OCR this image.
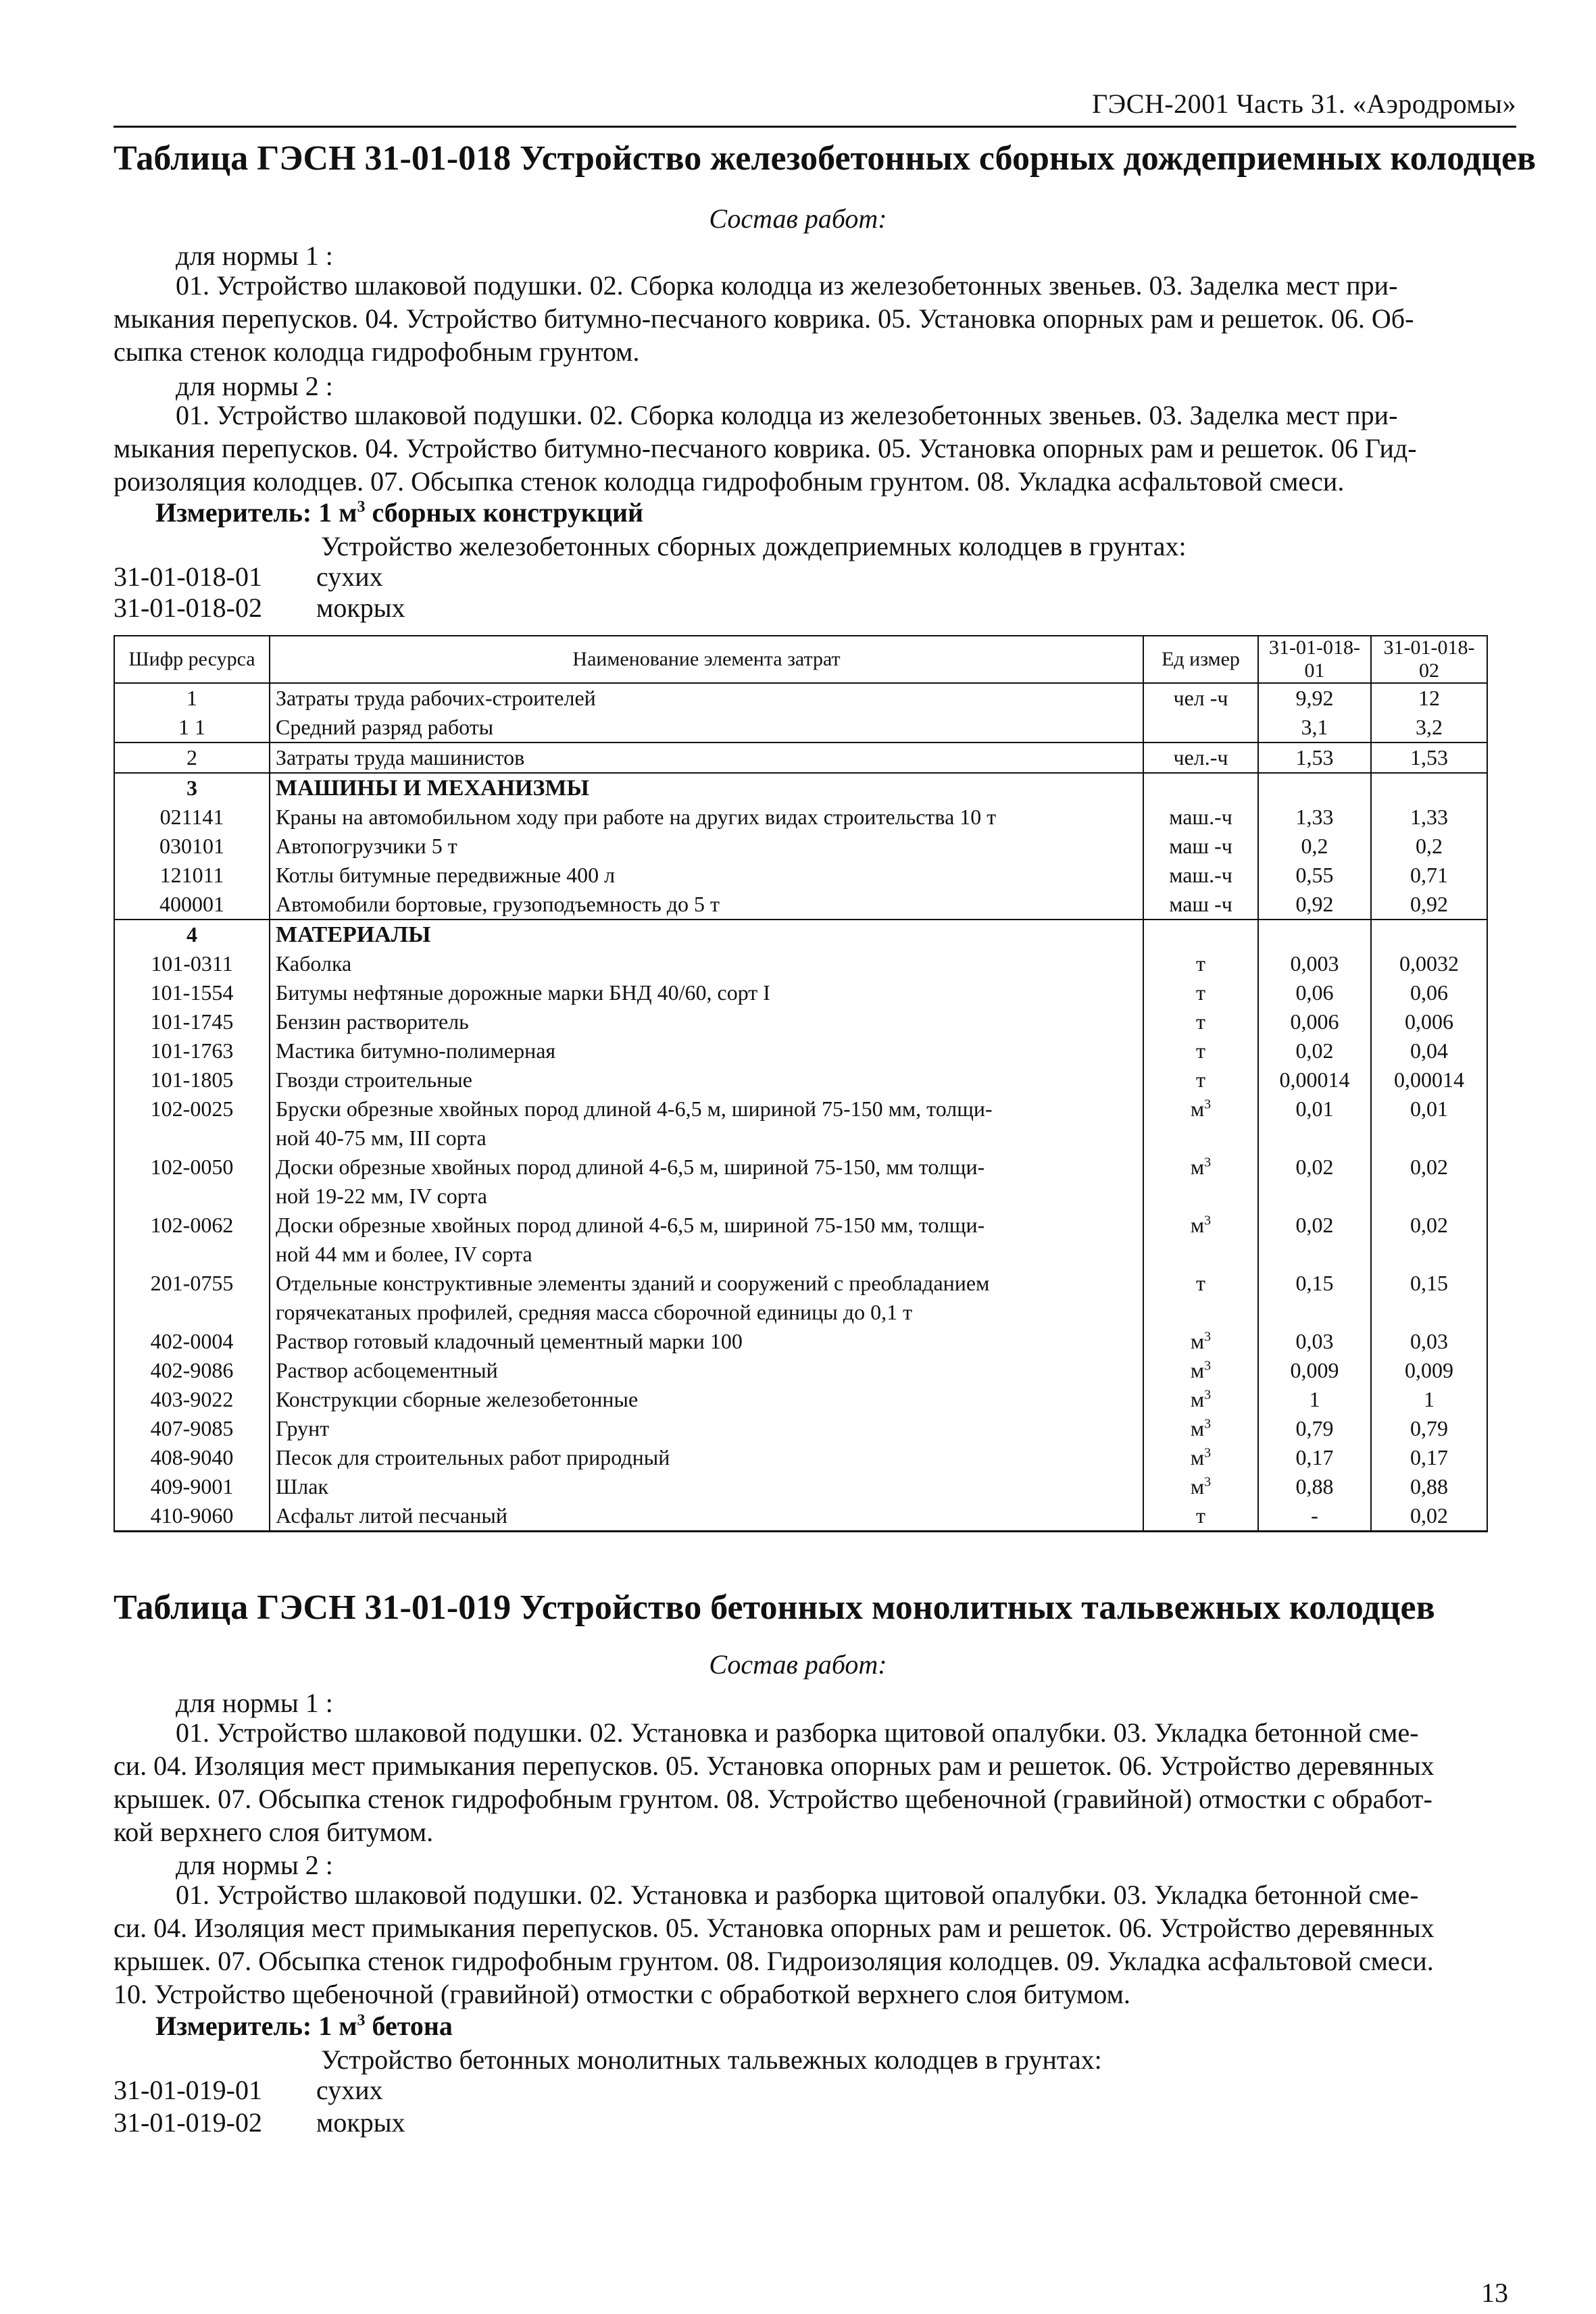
ГЭСН-2001 Часть 31. «Аэродромы»
Таблица ГЭСН 31-01-018 Устройство железобетонных сборных дождеприемных колодцев
Состав работ:
для нормы 1 :
01. Устройство шлаковой подушки. 02. Сборка колодца из железобетонных звеньев. 03. Заделка мест при-
мыкания перепусков. 04. Устройство битумно-песчаного коврика. 05. Установка опорных рам и решеток. 06. Об-
сыпка стенок колодца гидрофобным грунтом.
для нормы 2 :
01. Устройство шлаковой подушки. 02. Сборка колодца из железобетонных звеньев. 03. Заделка мест при-
мыкания перепусков. 04. Устройство битумно-песчаного коврика. 05. Установка опорных рам и решеток. 06 Гид-
роизоляция колодцев. 07. Обсыпка стенок колодца гидрофобным грунтом. 08. Укладка асфальтовой смеси.
Измеритель: 1 $м^3$ сборных конструкций
Устройство железобетонных сборных дождеприемных колодцев в грунтах:
31-01-018-01 сухих
31-01-018-02 мокрых
Шифр ресурса	Наименование элемента затрат	Ед измер	31-01-018-01	31-01-018-02
1	Затраты труда рабочих-строителей	чел -ч	9,92	12
1 1	Средний разряд работы		3,1	3,2
2	Затраты труда машинистов	чел.-ч	1,53	1,53
3	МАШИНЫ И МЕХАНИЗМЫ			

021141	Краны на автомобильном ходу при работе на других видах строительства 10 т	маш.-ч	1,33	1,33
030101	Автопогрузчики 5 т	маш -ч	0,2	0,2
121011	Котлы битумные передвижные 400 л	маш.-ч	0,55	0,71
400001	Автомобили бортовые, грузоподъемность до 5 т	маш -ч	0,92	0,92
4	МАТЕРИАЛЫ			

101-0311	Каболка	т	0,003	0,0032
101-1554	Битумы нефтяные дорожные марки БНД 40/60, сорт I	т	0,06	0,06
101-1745	Бензин растворитель	т	0,006	0,006
101-1763	Мастика битумно-полимерная	т	0,02	0,04
101-1805	Гвозди строительные	т	0,00014	0,00014
102-0025	Бруски обрезные хвойных пород длиной 4-6,5 м, шириной 75-150 мм, толщи-
ной 40-75 мм, III сорта	$м^3$	0,01	0,01
102-0050	Доски обрезные хвойных пород длиной 4-6,5 м, шириной 75-150, мм толщи-
ной 19-22 мм, IV сорта	$м^3$	0,02	0,02
102-0062	Доски обрезные хвойных пород длиной 4-6,5 м, шириной 75-150 мм, толщи-
ной 44 мм и более, IV сорта	$м^3$	0,02	0,02
201-0755	Отдельные конструктивные элементы зданий и сооружений с преобладанием
горячекатаных профилей, средняя масса сборочной единицы до 0,1 т	т	0,15	0,15
402-0004	Раствор готовый кладочный цементный марки 100	$м^3$	0,03	0,03
402-9086	Раствор асбоцементный	$м^3$	0,009	0,009
403-9022	Конструкции сборные железобетонные	$м^3$	1	1
407-9085	Грунт	$м^3$	0,79	0,79
408-9040	Песок для строительных работ природный	$м^3$	0,17	0,17
409-9001	Шлак	$м^3$	0,88	0,88
410-9060	Асфальт литой песчаный	т	-	0,02
Таблица ГЭСН 31-01-019 Устройство бетонных монолитных тальвежных колодцев
Состав работ:
для нормы 1 :
01. Устройство шлаковой подушки. 02. Установка и разборка щитовой опалубки. 03. Укладка бетонной сме-
си. 04. Изоляция мест примыкания перепусков. 05. Установка опорных рам и решеток. 06. Устройство деревянных
крышек. 07. Обсыпка стенок гидрофобным грунтом. 08. Устройство щебеночной (гравийной) отмостки с обработ-
кой верхнего слоя битумом.
для нормы 2 :
01. Устройство шлаковой подушки. 02. Установка и разборка щитовой опалубки. 03. Укладка бетонной сме-
си. 04. Изоляция мест примыкания перепусков. 05. Установка опорных рам и решеток. 06. Устройство деревянных
крышек. 07. Обсыпка стенок гидрофобным грунтом. 08. Гидроизоляция колодцев. 09. Укладка асфальтовой смеси.
10. Устройство щебеночной (гравийной) отмостки с обработкой верхнего слоя битумом.
Измеритель: 1 $м^3$ бетона
Устройство бетонных монолитных тальвежных колодцев в грунтах:
31-01-019-01 сухих
31-01-019-02 мокрых
13
